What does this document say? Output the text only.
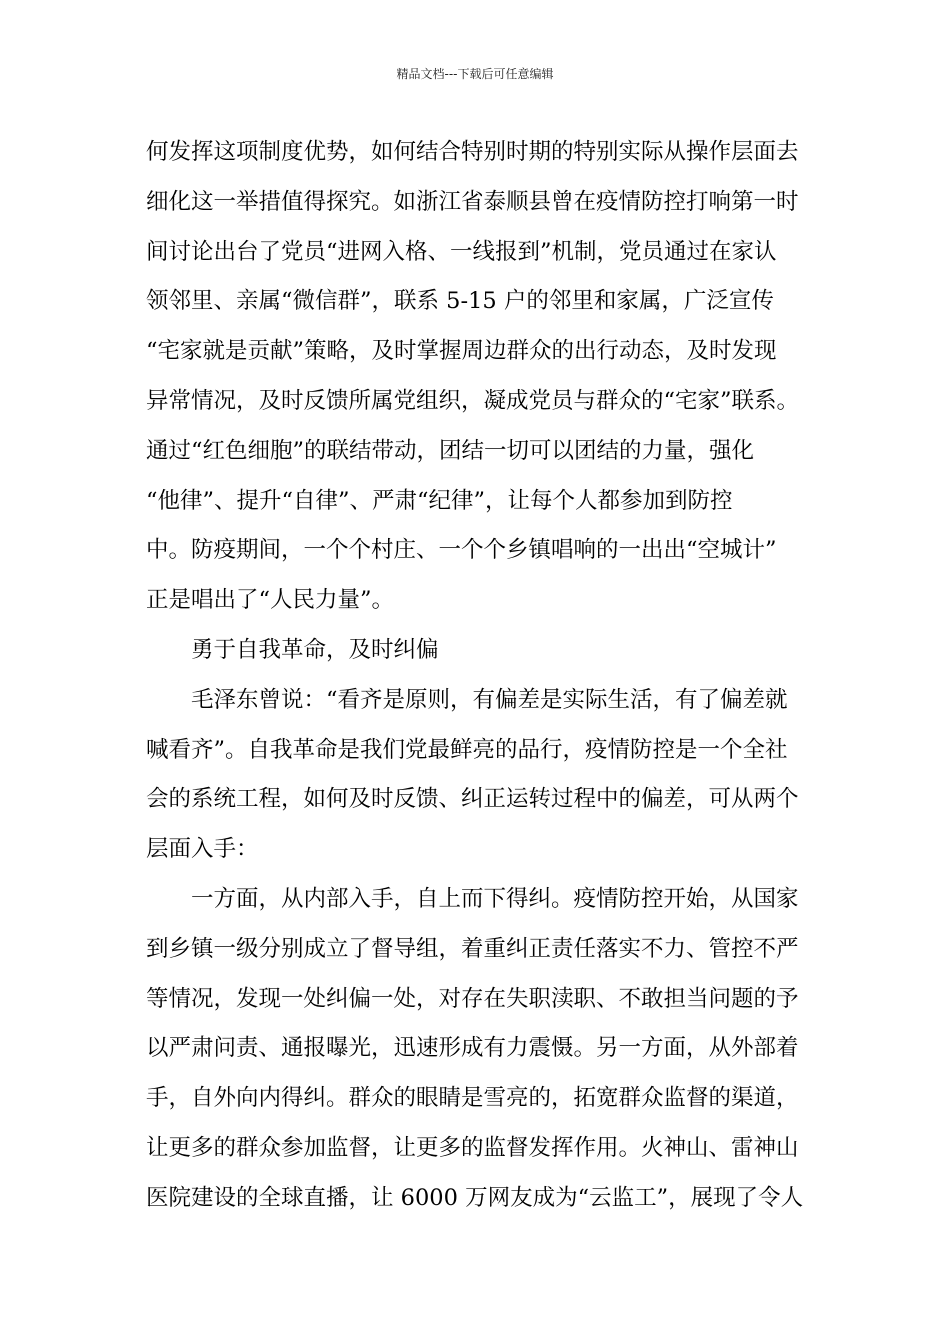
精品文档---下载后可任意编辑
何发挥这项制度优势，如何结合特别时期的特别实际从操作层面去
细化这一举措值得探究。如浙江省泰顺县曾在疫情防控打响第一时
间讨论出台了党员“进网入格、一线报到”机制，党员通过在家认
领邻里、亲属“微信群”，联系 5-15 户的邻里和家属，广泛宣传
“宅家就是贡献”策略，及时掌握周边群众的出行动态，及时发现
异常情况，及时反馈所属党组织，凝成党员与群众的“宅家”联系。
通过“红色细胞”的联结带动，团结一切可以团结的力量，强化
“他律”、提升“自律”、严肃“纪律”，让每个人都参加到防控
中。防疫期间，一个个村庄、一个个乡镇唱响的一出出“空城计”
正是唱出了“人民力量”。
勇于自我革命，及时纠偏
毛泽东曾说：“看齐是原则，有偏差是实际生活，有了偏差就
喊看齐”。自我革命是我们党最鲜亮的品行，疫情防控是一个全社
会的系统工程，如何及时反馈、纠正运转过程中的偏差，可从两个
层面入手：
一方面，从内部入手，自上而下得纠。疫情防控开始，从国家
到乡镇一级分别成立了督导组，着重纠正责任落实不力、管控不严
等情况，发现一处纠偏一处，对存在失职渎职、不敢担当问题的予
以严肃问责、通报曝光，迅速形成有力震慑。另一方面，从外部着
手，自外向内得纠。群众的眼睛是雪亮的，拓宽群众监督的渠道，
让更多的群众参加监督，让更多的监督发挥作用。火神山、雷神山
医院建设的全球直播，让 6000 万网友成为“云监工”，展现了令人
